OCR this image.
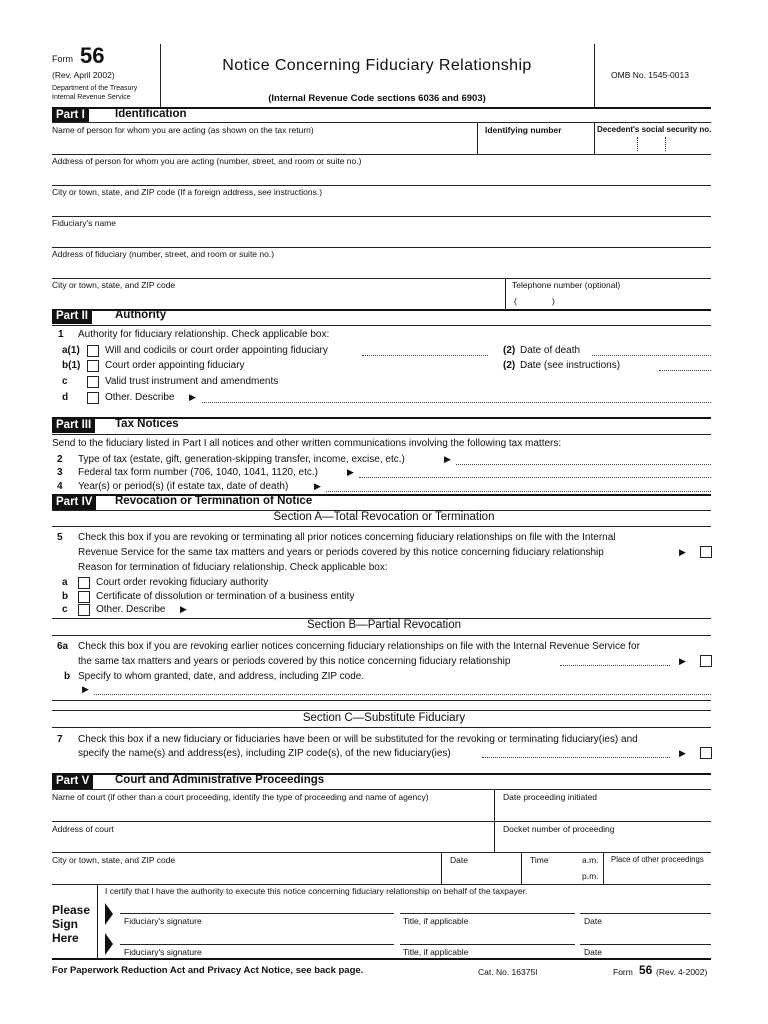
Form 56
(Rev. April 2002)
Department of the Treasury
Internal Revenue Service
Notice Concerning Fiduciary Relationship
(Internal Revenue Code sections 6036 and 6903)
OMB No. 1545-0013
Part I	Identification
Name of person for whom you are acting (as shown on the tax return)	Identifying number	Decedent's social security no.
Address of person for whom you are acting (number, street, and room or suite no.)
City or town, state, and ZIP code (If a foreign address, see instructions.)
Fiduciary's name
Address of fiduciary (number, street, and room or suite no.)
City or town, state, and ZIP code	Telephone number (optional)
(	)
Part II	Authority
1 Authority for fiduciary relationship. Check applicable box:
a(1)	Will and codicils or court order appointing fiduciary	(2) Date of death
b(1) Court order appointing fiduciary	(2) Date (see instructions)
c	Valid trust instrument and amendments
d	Other. Describe ▶
Part III	Tax Notices
Send to the fiduciary listed in Part I all notices and other written communications involving the following tax matters:
2 Type of tax (estate, gift, generation-skipping transfer, income, excise, etc.)	▶
3 Federal tax form number (706, 1040, 1041, 1120, etc.)	▶
4 Year(s) or period(s) (if estate tax, date of death)	▶
Part IV	Revocation or Termination of Notice
Section A—Total Revocation or Termination
5 Check this box if you are revoking or terminating all prior notices concerning fiduciary relationships on file with the Internal
Revenue Service for the same tax matters and years or periods covered by this notice concerning fiduciary relationship	▶
Reason for termination of fiduciary relationship. Check applicable box:
a	Court order revoking fiduciary authority
b	Certificate of dissolution or termination of a business entity
c	Other. Describe ▶
Section B—Partial Revocation
6a Check this box if you are revoking earlier notices concerning fiduciary relationships on file with the Internal Revenue Service for
the same tax matters and years or periods covered by this notice concerning fiduciary relationship	▶
b Specify to whom granted, date, and address, including ZIP code.
▶
Section C—Substitute Fiduciary
7 Check this box if a new fiduciary or fiduciaries have been or will be substituted for the revoking or terminating fiduciary(ies) and
specify the name(s) and address(es), including ZIP code(s), of the new fiduciary(ies)	▶
Part V	Court and Administrative Proceedings
Name of court (if other than a court proceeding, identify the type of proceeding and name of agency)	Date proceeding initiated
Address of court	Docket number of proceeding
City or town, state, and ZIP code	Date	Time	a.m.
p.m.
Place of other proceedings
I certify that I have the authority to execute this notice concerning fiduciary relationship on behalf of the taxpayer.
Please
Sign
Here
Fiduciary's signature	Title, if applicable	Date
Fiduciary's signature	Title, if applicable	Date
For Paperwork Reduction Act and Privacy Act Notice, see back page.	Cat. No. 16375I	Form 56 (Rev. 4-2002)
